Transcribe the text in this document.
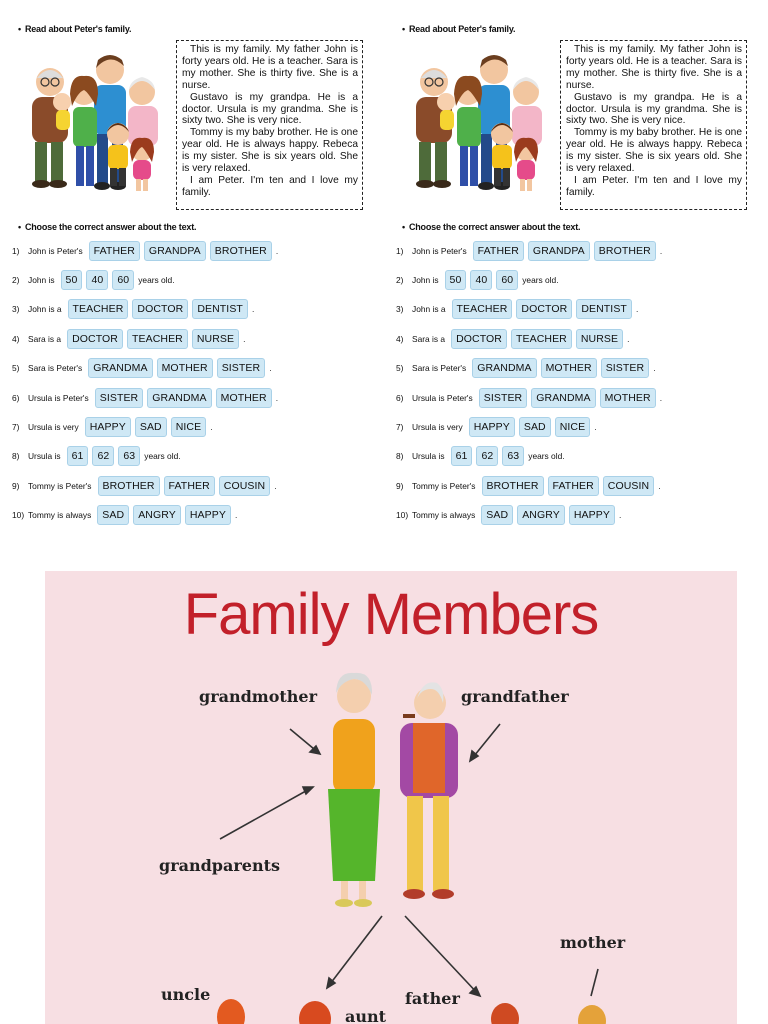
• Read about Peter's family.

This is my family. My father John is forty years old. He is a teacher. Sara is my mother. She is thirty five. She is a nurse.

Gustavo is my grandpa. He is a doctor. Ursula is my grandma. She is sixty two. She is very nice.

Tommy is my baby brother. He is one year old. He is always happy. Rebeca is my sister. She is six years old. She is very relaxed.

I am Peter. I'm ten and I love my family.

• Choose the correct answer about the text.
1)	John is Peter's	FATHER	GRANDPA	BROTHER	.
2)	John is	50	40	60	years old.
3)	John is a	TEACHER	DOCTOR	DENTIST	.
4)	Sara is a	DOCTOR	TEACHER	NURSE	.
5)	Sara is Peter's	GRANDMA	MOTHER	SISTER	.
6)	Ursula is Peter's	SISTER	GRANDMA	MOTHER	.
7)	Ursula is very	HAPPY	SAD	NICE	.
8)	Ursula is	61	62	63	years old.
9)	Tommy is Peter's	BROTHER	FATHER	COUSIN	.
10) Tommy is always	SAD	ANGRY	HAPPY	.
• Read about Peter's family.

This is my family. My father John is forty years old. He is a teacher. Sara is my mother. She is thirty five. She is a nurse.

Gustavo is my grandpa. He is a doctor. Ursula is my grandma. She is sixty two. She is very nice.

Tommy is my baby brother. He is one year old. He is always happy. Rebeca is my sister. She is six years old. She is very relaxed.

I am Peter. I'm ten and I love my family.

• Choose the correct answer about the text.
1)	John is Peter's	FATHER	GRANDPA	BROTHER	.
2)	John is	50	40	60	years old.
3)	John is a	TEACHER	DOCTOR	DENTIST	.
4)	Sara is a	DOCTOR	TEACHER	NURSE	.
5)	Sara is Peter's	GRANDMA	MOTHER	SISTER	.
6)	Ursula is Peter's	SISTER	GRANDMA	MOTHER	.
7)	Ursula is very	HAPPY	SAD	NICE	.
8)	Ursula is	61	62	63	years old.
9)	Tommy is Peter's	BROTHER	FATHER	COUSIN	.
10) Tommy is always	SAD	ANGRY	HAPPY	.
Family Members
grandmother	grandfather
grandparents
mother
uncle
aunt
father
